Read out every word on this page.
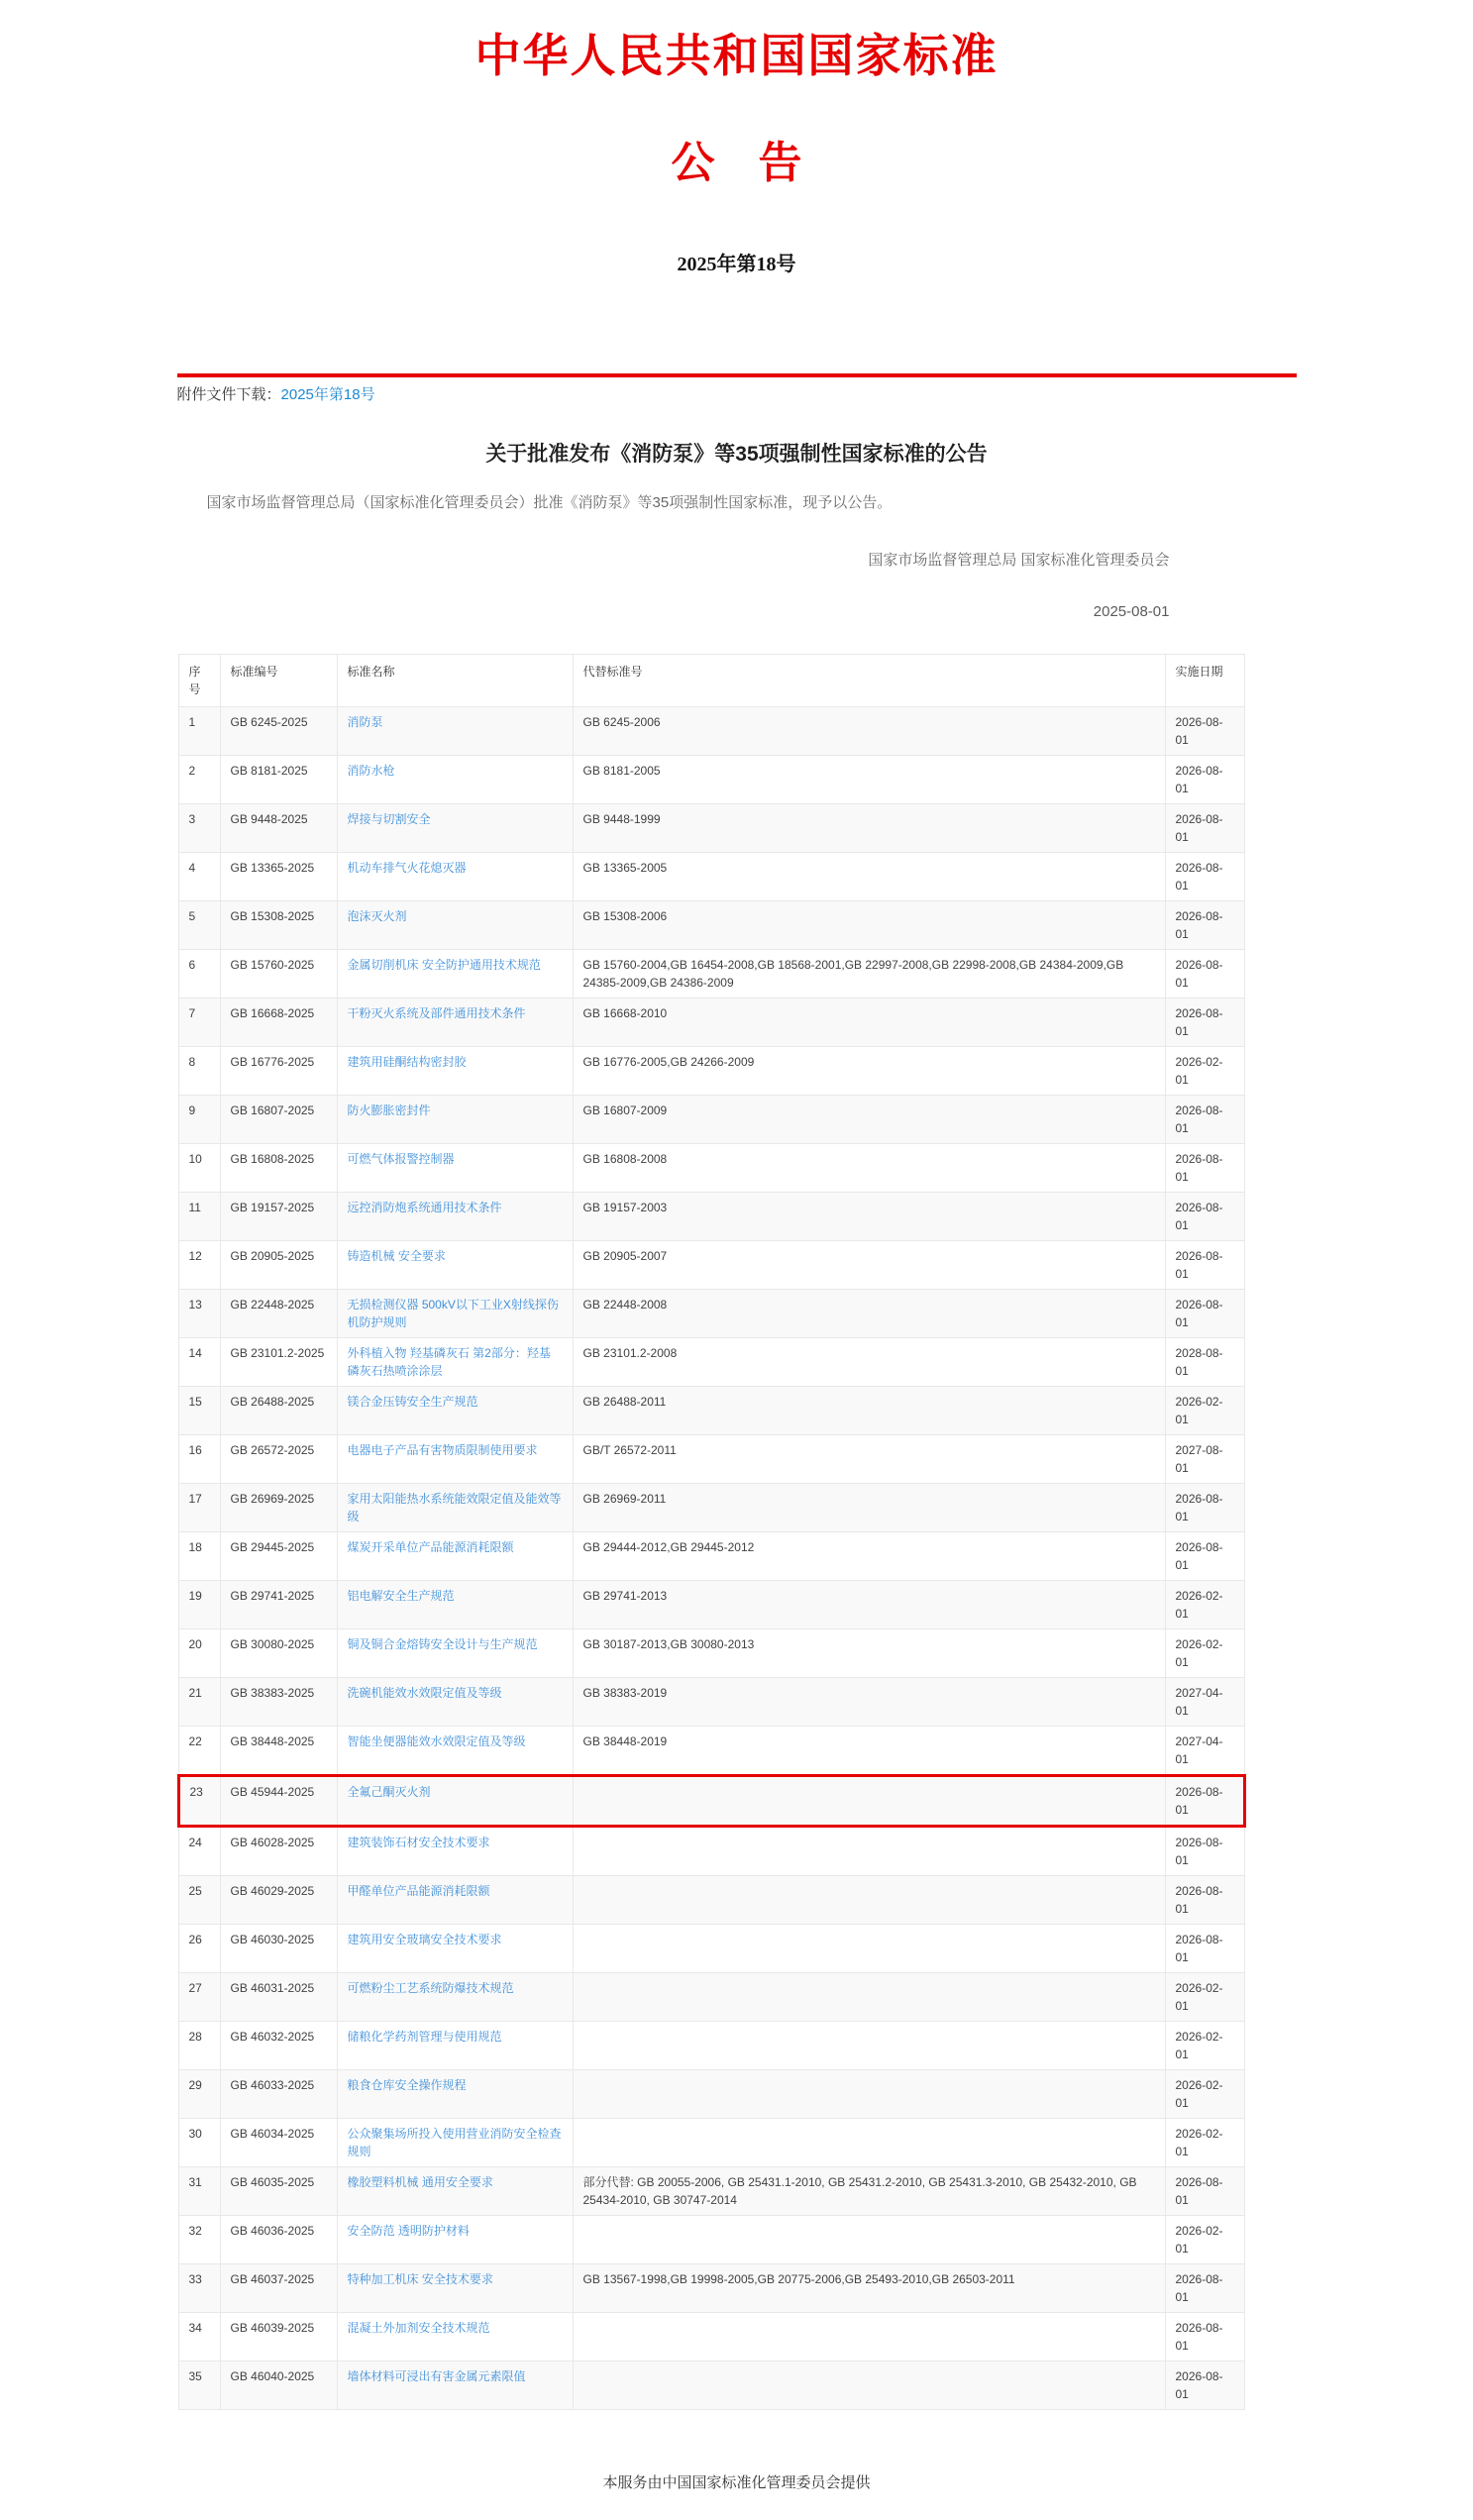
中华人民共和国国家标准
公　告
2025年第18号
附件文件下载：2025年第18号
关于批准发布《消防泵》等35项强制性国家标准的公告

国家市场监督管理总局（国家标准化管理委员会）批准《消防泵》等35项强制性国家标准，现予以公告。

国家市场监督管理总局 国家标准化管理委员会
2025-08-01
序号	标准编号	标准名称	代替标准号	实施日期
1	GB 6245-2025	消防泵	GB 6245-2006	2026-08-01
2	GB 8181-2025	消防水枪	GB 8181-2005	2026-08-01
3	GB 9448-2025	焊接与切割安全	GB 9448-1999	2026-08-01
4	GB 13365-2025	机动车排气火花熄灭器	GB 13365-2005	2026-08-01
5	GB 15308-2025	泡沫灭火剂	GB 15308-2006	2026-08-01
6	GB 15760-2025	金属切削机床 安全防护通用技术规范	GB 15760-2004,GB 16454-2008,GB 18568-2001,GB 22997-2008,GB 22998-2008,GB 24384-2009,GB 24385-2009,GB 24386-2009	2026-08-01
7	GB 16668-2025	干粉灭火系统及部件通用技术条件	GB 16668-2010	2026-08-01
8	GB 16776-2025	建筑用硅酮结构密封胶	GB 16776-2005,GB 24266-2009	2026-02-01
9	GB 16807-2025	防火膨胀密封件	GB 16807-2009	2026-08-01
10	GB 16808-2025	可燃气体报警控制器	GB 16808-2008	2026-08-01
11	GB 19157-2025	远控消防炮系统通用技术条件	GB 19157-2003	2026-08-01
12	GB 20905-2025	铸造机械 安全要求	GB 20905-2007	2026-08-01
13	GB 22448-2025	无损检测仪器 500kV以下工业X射线探伤机防护规则	GB 22448-2008	2026-08-01
14	GB 23101.2-2025	外科植入物 羟基磷灰石 第2部分：羟基磷灰石热喷涂涂层	GB 23101.2-2008	2028-08-01
15	GB 26488-2025	镁合金压铸安全生产规范	GB 26488-2011	2026-02-01
16	GB 26572-2025	电器电子产品有害物质限制使用要求	GB/T 26572-2011	2027-08-01
17	GB 26969-2025	家用太阳能热水系统能效限定值及能效等级	GB 26969-2011	2026-08-01
18	GB 29445-2025	煤炭开采单位产品能源消耗限额	GB 29444-2012,GB 29445-2012	2026-08-01
19	GB 29741-2025	铝电解安全生产规范	GB 29741-2013	2026-02-01
20	GB 30080-2025	铜及铜合金熔铸安全设计与生产规范	GB 30187-2013,GB 30080-2013	2026-02-01
21	GB 38383-2025	洗碗机能效水效限定值及等级	GB 38383-2019	2027-04-01
22	GB 38448-2025	智能坐便器能效水效限定值及等级	GB 38448-2019	2027-04-01
23	GB 45944-2025	全氟己酮灭火剂		2026-08-01
24	GB 46028-2025	建筑装饰石材安全技术要求		2026-08-01
25	GB 46029-2025	甲醛单位产品能源消耗限额		2026-08-01
26	GB 46030-2025	建筑用安全玻璃安全技术要求		2026-08-01
27	GB 46031-2025	可燃粉尘工艺系统防爆技术规范		2026-02-01
28	GB 46032-2025	储粮化学药剂管理与使用规范		2026-02-01
29	GB 46033-2025	粮食仓库安全操作规程		2026-02-01
30	GB 46034-2025	公众聚集场所投入使用营业消防安全检查规则		2026-02-01
31	GB 46035-2025	橡胶塑料机械 通用安全要求	部分代替: GB 20055-2006, GB 25431.1-2010, GB 25431.2-2010, GB 25431.3-2010, GB 25432-2010, GB 25434-2010, GB 30747-2014	2026-08-01
32	GB 46036-2025	安全防范 透明防护材料		2026-02-01
33	GB 46037-2025	特种加工机床 安全技术要求	GB 13567-1998,GB 19998-2005,GB 20775-2006,GB 25493-2010,GB 26503-2011	2026-08-01
34	GB 46039-2025	混凝土外加剂安全技术规范		2026-08-01
35	GB 46040-2025	墙体材料可浸出有害金属元素限值		2026-08-01
本服务由中国国家标准化管理委员会提供
